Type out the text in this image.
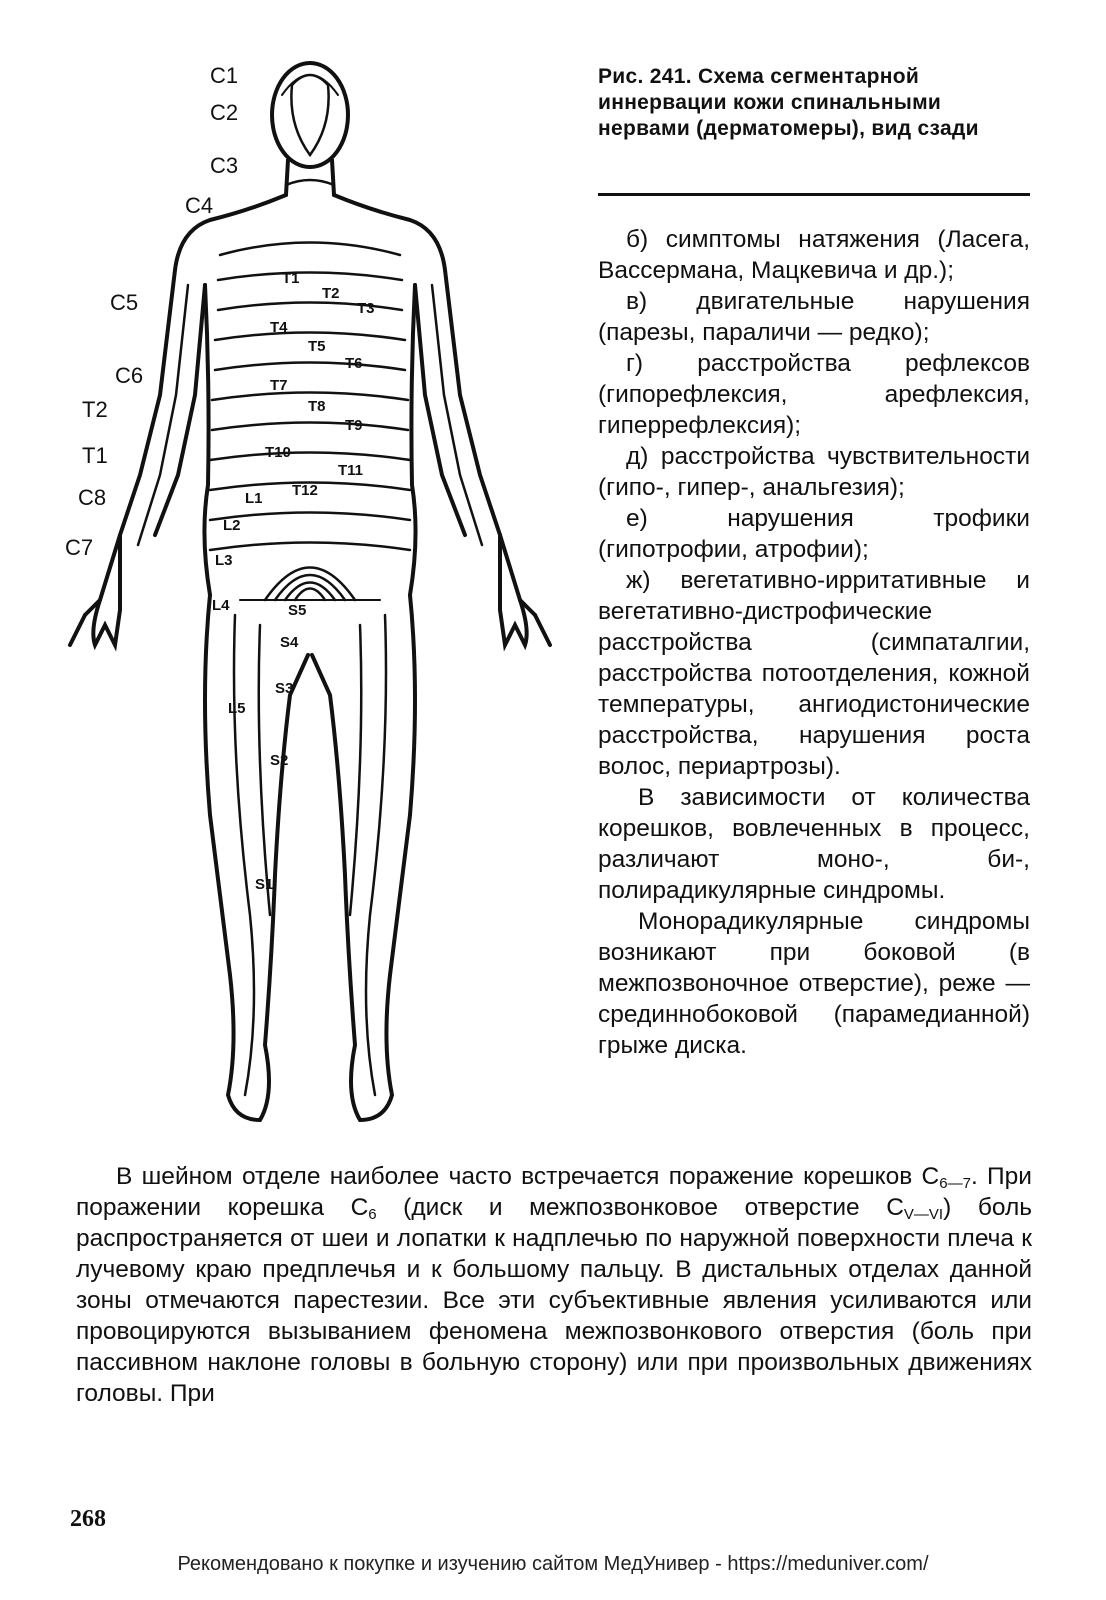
C1
C2
C3
C4
C5
C6
T2
T1
C8
C7
T1
T2
T3
T4
T5
T6
T7
T8
T9
T10
T11
T12
L1
L2
L3
L4
L5
S5
S4
S3
S2
S1
Рис. 241. Схема сегментарной иннервации кожи спинальными нервами (дерматомеры), вид сзади

б) симптомы натяжения (Ласега, Вассермана, Мацкевича и др.);

в) двигательные нарушения (парезы, параличи — редко);

г) расстройства рефлексов (гипорефлексия, арефлексия, гиперрефлексия);

д) расстройства чувствительности (гипо-, гипер-, анальгезия);

е) нарушения трофики (гипотрофии, атрофии);

ж) вегетативно-ирритативные и вегетативно-дистрофические расстройства (симпаталгии, расстройства потоотделения, кожной температуры, ангиодистонические расстройства, нарушения роста волос, периартрозы).

В зависимости от количества корешков, вовлеченных в процесс, различают моно-, би-, полирадикулярные синдромы.

Монорадикулярные синдромы возникают при боковой (в межпозвоночное отверстие), реже — срединнобоковой (парамедианной) грыже диска.

В шейном отделе наиболее часто встречается поражение корешков $С_{6—7}$. При поражении корешка $С_6$ (диск и межпозвонковое отверстие $С_{V—VI}$) боль распространяется от шеи и лопатки к надплечью по наружной поверхности плеча к лучевому краю предплечья и к большому пальцу. В дистальных отделах данной зоны отмечаются парестезии. Все эти субъективные явления усиливаются или провоцируются вызыванием феномена межпозвонкового отверстия (боль при пассивном наклоне головы в больную сторону) или при произвольных движениях головы. При

268
Рекомендовано к покупке и изучению сайтом МедУнивер - https://meduniver.com/
